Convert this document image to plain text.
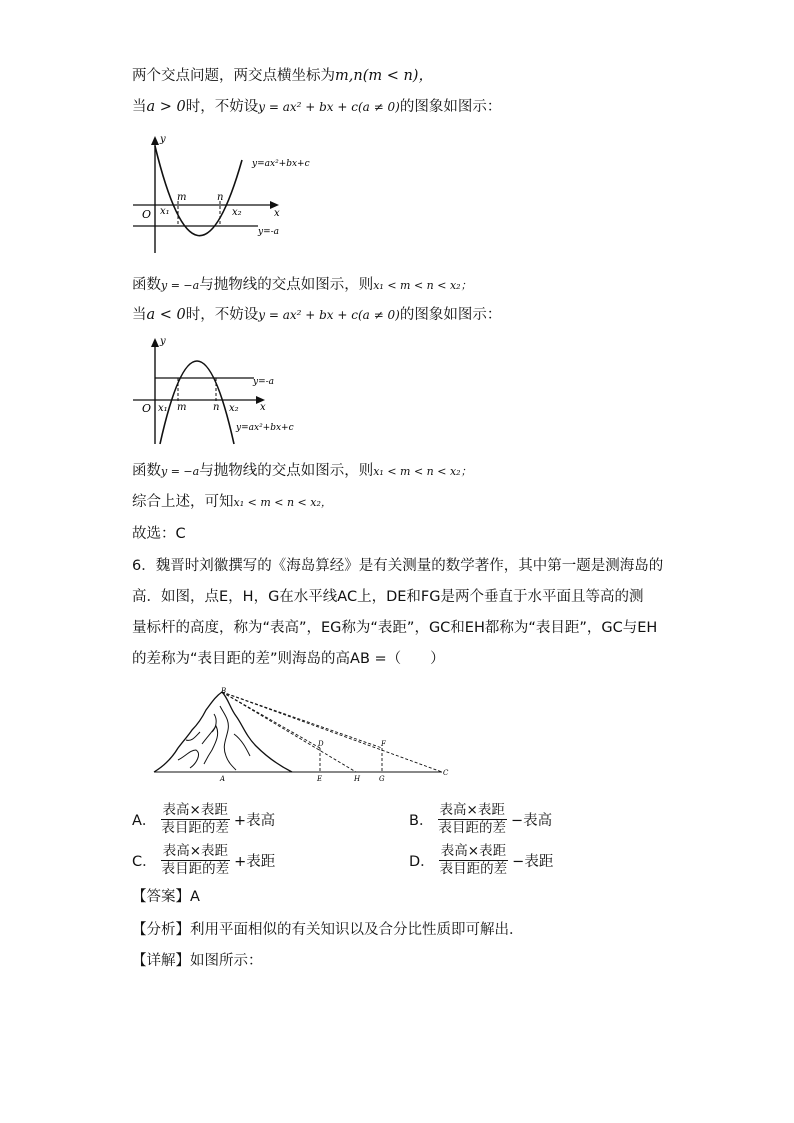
两个交点问题，两交点横坐标为m,n(m < n)，
当a > 0时，不妨设y = ax² + bx + c(a ≠ 0)的图象如图示：
y
x
O x₁
m	n
x₂
y=ax²+bx+c
y=-a
函数y = −a与抛物线的交点如图示，则x₁ < m < n < x₂；
当a < 0时，不妨设y = ax² + bx + c(a ≠ 0)的图象如图示：
y
x
O x₁ m	n x₂
y=-a
y=ax²+bx+c
函数y = −a与抛物线的交点如图示，则x₁ < m < n < x₂；
综合上述，可知x₁ < m < n < x₂，
故选：C
6．魏晋时刘徽撰写的《海岛算经》是有关测量的数学著作，其中第一题是测海岛的
高．如图，点E，H，G在水平线AC上，DE和FG是两个垂直于水平面且等高的测
量标杆的高度，称为“表高”，EG称为“表距”，GC和EH都称为“表目距”，GC与EH
的差称为“表目距的差”则海岛的高AB =（　　）
B
A
D
E	H
F
G
C
A． $\frac{\text{表高×表距}}{\text{表目距的差}}$ +表高	B． $\frac{\text{表高×表距}}{\text{表目距的差}}$ −表高
C． $\frac{\text{表高×表距}}{\text{表目距的差}}$ +表距	D． $\frac{\text{表高×表距}}{\text{表目距的差}}$ −表距
【答案】A
【分析】利用平面相似的有关知识以及合分比性质即可解出．
【详解】如图所示：
